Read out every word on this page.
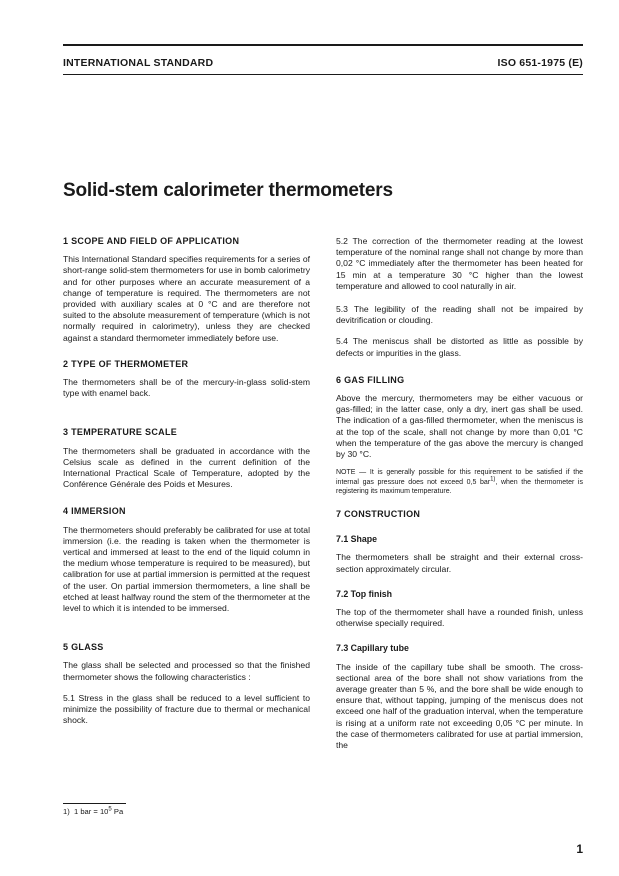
INTERNATIONAL STANDARD	ISO 651-1975 (E)
Solid-stem calorimeter thermometers
1 SCOPE AND FIELD OF APPLICATION

This International Standard specifies requirements for a series of short-range solid-stem thermometers for use in bomb calorimetry and for other purposes where an accurate measurement of a change of temperature is required. The thermometers are not provided with auxiliary scales at 0 °C and are therefore not suited to the absolute measurement of temperature (which is not normally required in calorimetry), unless they are checked against a standard thermometer immediately before use.

2 TYPE OF THERMOMETER

The thermometers shall be of the mercury-in-glass solid-stem type with enamel back.

3 TEMPERATURE SCALE

The thermometers shall be graduated in accordance with the Celsius scale as defined in the current definition of the International Practical Scale of Temperature, adopted by the Conférence Générale des Poids et Mesures.

4 IMMERSION

The thermometers should preferably be calibrated for use at total immersion (i.e. the reading is taken when the thermometer is vertical and immersed at least to the end of the liquid column in the medium whose temperature is required to be measured), but calibration for use at partial immersion is permitted at the request of the user. On partial immersion thermometers, a line shall be etched at least halfway round the stem of the thermometer at the level to which it is intended to be immersed.

5 GLASS

The glass shall be selected and processed so that the finished thermometer shows the following characteristics :

5.1 Stress in the glass shall be reduced to a level sufficient to minimize the possibility of fracture due to thermal or mechanical shock.

5.2 The correction of the thermometer reading at the lowest temperature of the nominal range shall not change by more than 0,02 °C immediately after the thermometer has been heated for 15 min at a temperature 30 °C higher than the lowest temperature and allowed to cool naturally in air.

5.3 The legibility of the reading shall not be impaired by devitrification or clouding.

5.4 The meniscus shall be distorted as little as possible by defects or impurities in the glass.

6 GAS FILLING

Above the mercury, thermometers may be either vacuous or gas-filled; in the latter case, only a dry, inert gas shall be used. The indication of a gas-filled thermometer, when the meniscus is at the top of the scale, shall not change by more than 0,01 °C when the temperature of the gas above the mercury is changed by 30 °C.

NOTE — It is generally possible for this requirement to be satisfied if the internal gas pressure does not exceed 0,5 bar$^{1)}$, when the thermometer is registering its maximum temperature.

7 CONSTRUCTION
7.1 Shape

The thermometers shall be straight and their external cross-section approximately circular.

7.2 Top finish

The top of the thermometer shall have a rounded finish, unless otherwise specially required.

7.3 Capillary tube

The inside of the capillary tube shall be smooth. The cross-sectional area of the bore shall not show variations from the average greater than 5 %, and the bore shall be wide enough to ensure that, without tapping, jumping of the meniscus does not exceed one half of the graduation interval, when the temperature is rising at a uniform rate not exceeding 0,05 °C per minute. In the case of thermometers calibrated for use at partial immersion, the

1) 1 bar = $10^5$ Pa
1
